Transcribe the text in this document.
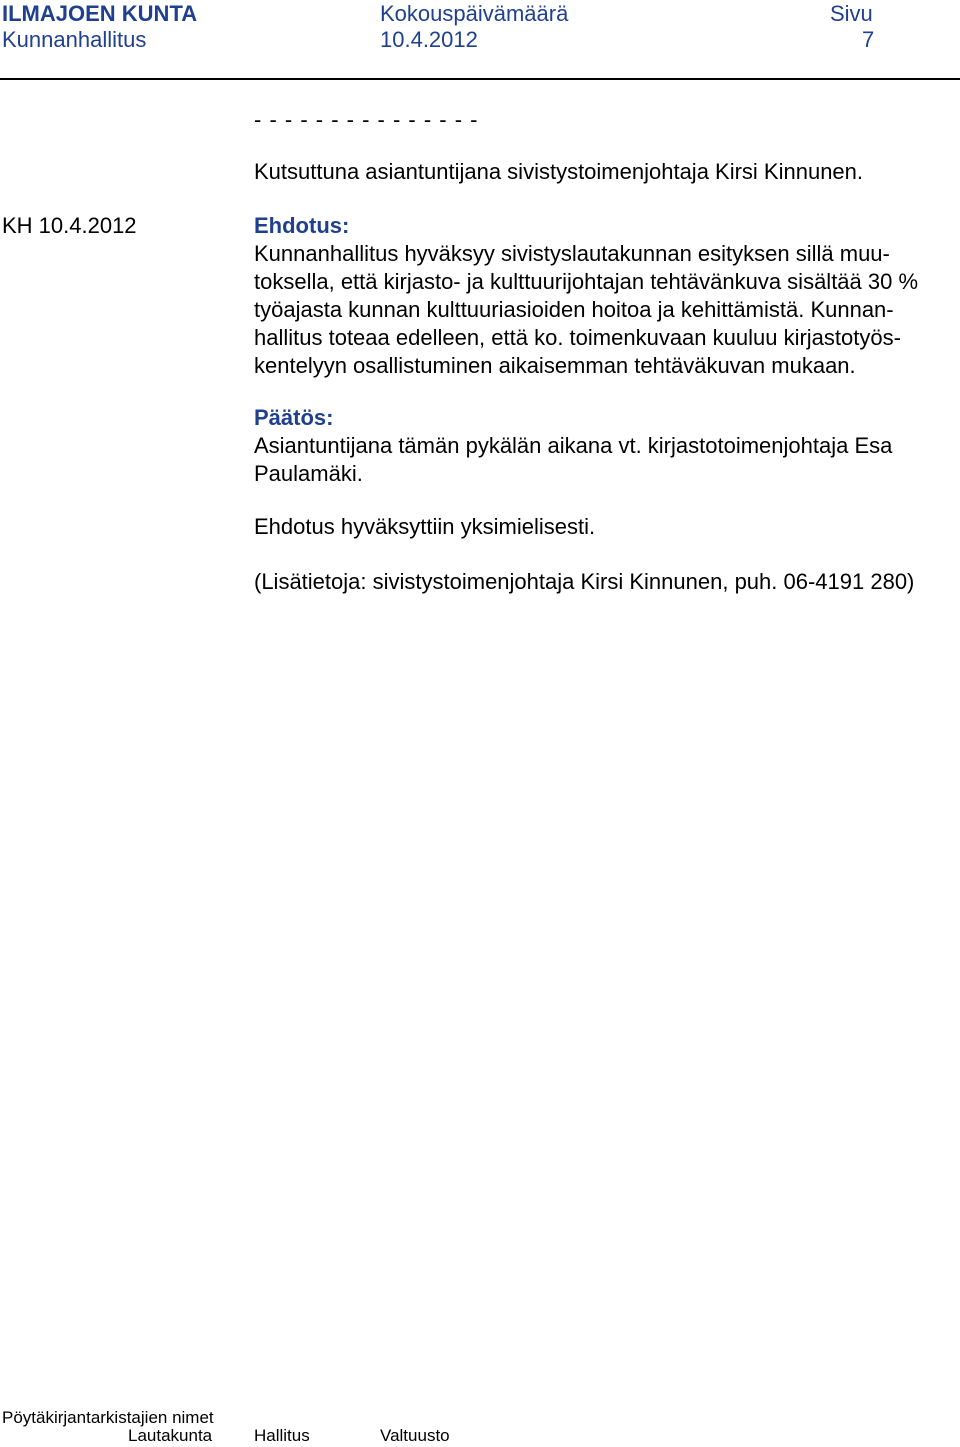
ILMAJOEN KUNTA	Kokouspäivämäärä	Sivu
Kunnanhallitus	10.4.2012	7
- - - - - - - - - - - - - - -
Kutsuttuna asiantuntijana sivistystoimenjohtaja Kirsi Kinnunen.
KH 10.4.2012	Ehdotus:

Kunnanhallitus hyväksyy sivistyslautakunnan esityksen sillä muu-

toksella, että kirjasto- ja kulttuurijohtajan tehtävänkuva sisältää 30 %

työajasta kunnan kulttuuriasioiden hoitoa ja kehittämistä. Kunnan-

hallitus toteaa edelleen, että ko. toimenkuvaan kuuluu kirjastotyös-

kentelyyn osallistuminen aikaisemman tehtäväkuvan mukaan.

Päätös:

Asiantuntijana tämän pykälän aikana vt. kirjastotoimenjohtaja Esa

Paulamäki.

Ehdotus hyväksyttiin yksimielisesti.
(Lisätietoja: sivistystoimenjohtaja Kirsi Kinnunen, puh. 06-4191 280)
Pöytäkirjantarkistajien nimet
Lautakunta Hallitus	Valtuusto
